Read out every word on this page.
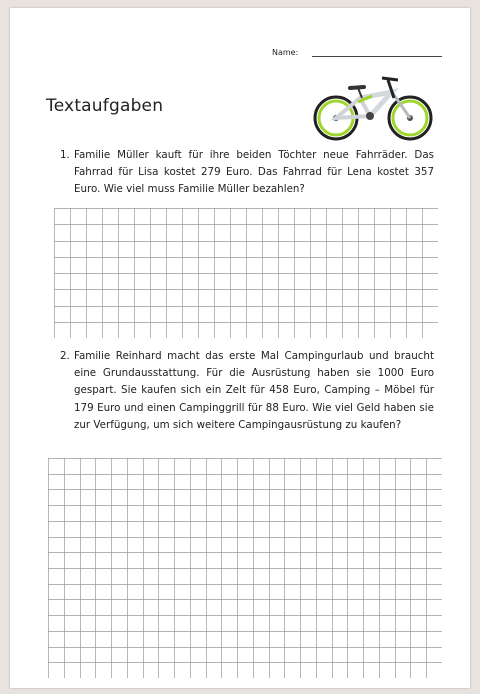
Name:
Textaufgaben
1. Familie Müller kauft für ihre beiden Töchter neue Fahrräder. Das Fahrrad für Lisa kostet 279 Euro. Das Fahrrad für Lena kostet 357 Euro. Wie viel muss Familie Müller bezahlen?
2. Familie Reinhard macht das erste Mal Campingurlaub und braucht eine Grundausstattung. Für die Ausrüstung haben sie 1000 Euro gespart. Sie kaufen sich ein Zelt für 458 Euro, Camping – Möbel für 179 Euro und einen Campinggrill für 88 Euro. Wie viel Geld haben sie zur Verfügung, um sich weitere Campingausrüstung zu kaufen?
